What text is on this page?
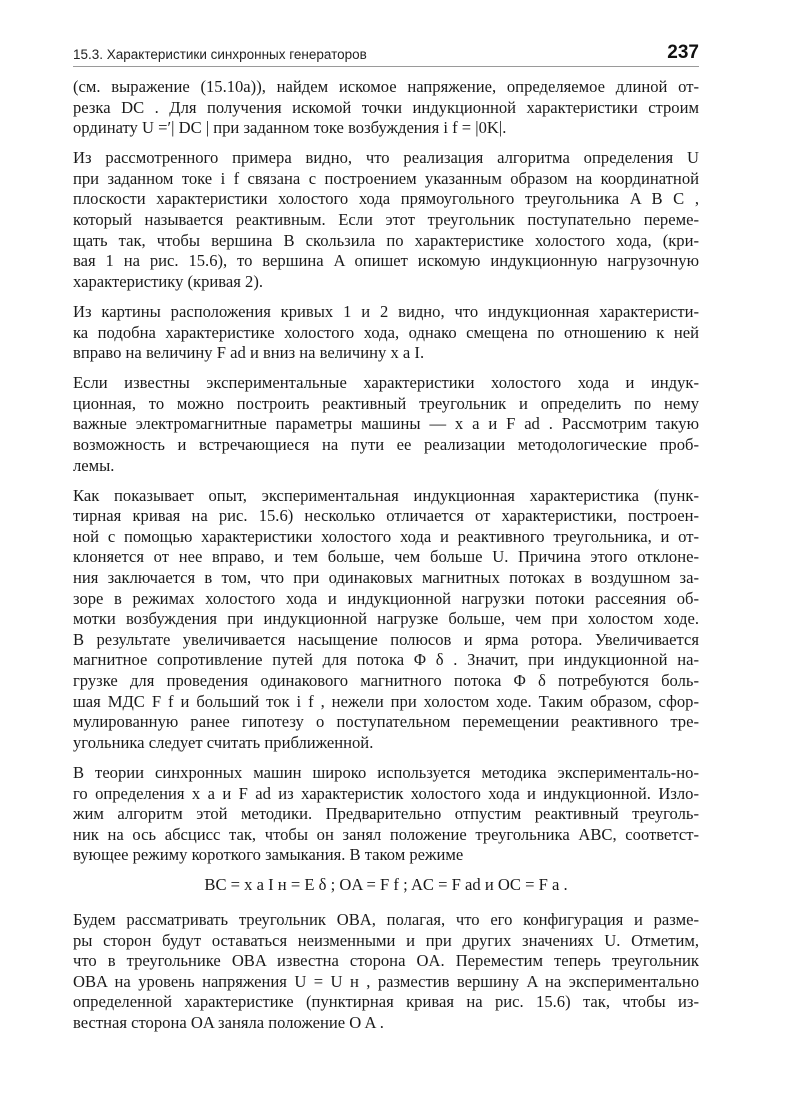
15.3. Характеристики синхронных генераторов	237

(см. выражение (15.10а)), найдем искомое напряжение, определяемое длиной от-
резка DC . Для получения искомой точки индукционной характеристики строим
ординату U =′| DC | при заданном токе возбуждения i f = |0K|.

Из рассмотренного примера видно, что реализация алгоритма определения U
при заданном токе i f связана с построением указанным образом на координатной
плоскости характеристики холостого хода прямоугольного треугольника A B C ,
который называется реактивным. Если этот треугольник поступательно переме-
щать так, чтобы вершина B скользила по характеристике холостого хода, (кри-
вая 1 на рис. 15.6), то вершина A опишет искомую индукционную нагрузочную
характеристику (кривая 2).

Из картины расположения кривых 1 и 2 видно, что индукционная характеристи-
ка подобна характеристике холостого хода, однако смещена по отношению к ней
вправо на величину F ad и вниз на величину x a I.

Если известны экспериментальные характеристики холостого хода и индук-
ционная, то можно построить реактивный треугольник и определить по нему
важные электромагнитные параметры машины — x a и F ad . Рассмотрим такую
возможность и встречающиеся на пути ее реализации методологические проб-
лемы.

Как показывает опыт, экспериментальная индукционная характеристика (пунк-
тирная кривая на рис. 15.6) несколько отличается от характеристики, построен-
ной с помощью характеристики холостого хода и реактивного треугольника, и от-
клоняется от нее вправо, и тем больше, чем больше U. Причина этого отклоне-
ния заключается в том, что при одинаковых магнитных потоках в воздушном за-
зоре в режимах холостого хода и индукционной нагрузки потоки рассеяния об-
мотки возбуждения при индукционной нагрузке больше, чем при холостом ходе.
В результате увеличивается насыщение полюсов и ярма ротора. Увеличивается
магнитное сопротивление путей для потока Φ δ . Значит, при индукционной на-
грузке для проведения одинакового магнитного потока Φ δ потребуются боль-
шая МДС F f и больший ток i f , нежели при холостом ходе. Таким образом, сфор-
мулированную ранее гипотезу о поступательном перемещении реактивного тре-
угольника следует считать приближенной.

В теории синхронных машин широко используется методика эксперименталь-но-
го определения x a и F ad из характеристик холостого хода и индукционной. Изло-
жим алгоритм этой методики. Предварительно отпустим реактивный треуголь-
ник на ось абсцисс так, чтобы он занял положение треугольника ABC, соответст-
вующее режиму короткого замыкания. В таком режиме

BC = x a I н = E δ ; OA = F f ; AC = F ad и OC = F a .

Будем рассматривать треугольник OBA, полагая, что его конфигурация и разме-
ры сторон будут оставаться неизменными и при других значениях U. Отметим,
что в треугольнике OBA известна сторона OA. Переместим теперь треугольник
OBA на уровень напряжения U = U н , разместив вершину A на экспериментально
определенной характеристике (пунктирная кривая на рис. 15.6) так, чтобы из-
вестная сторона OA заняла положение O A .
